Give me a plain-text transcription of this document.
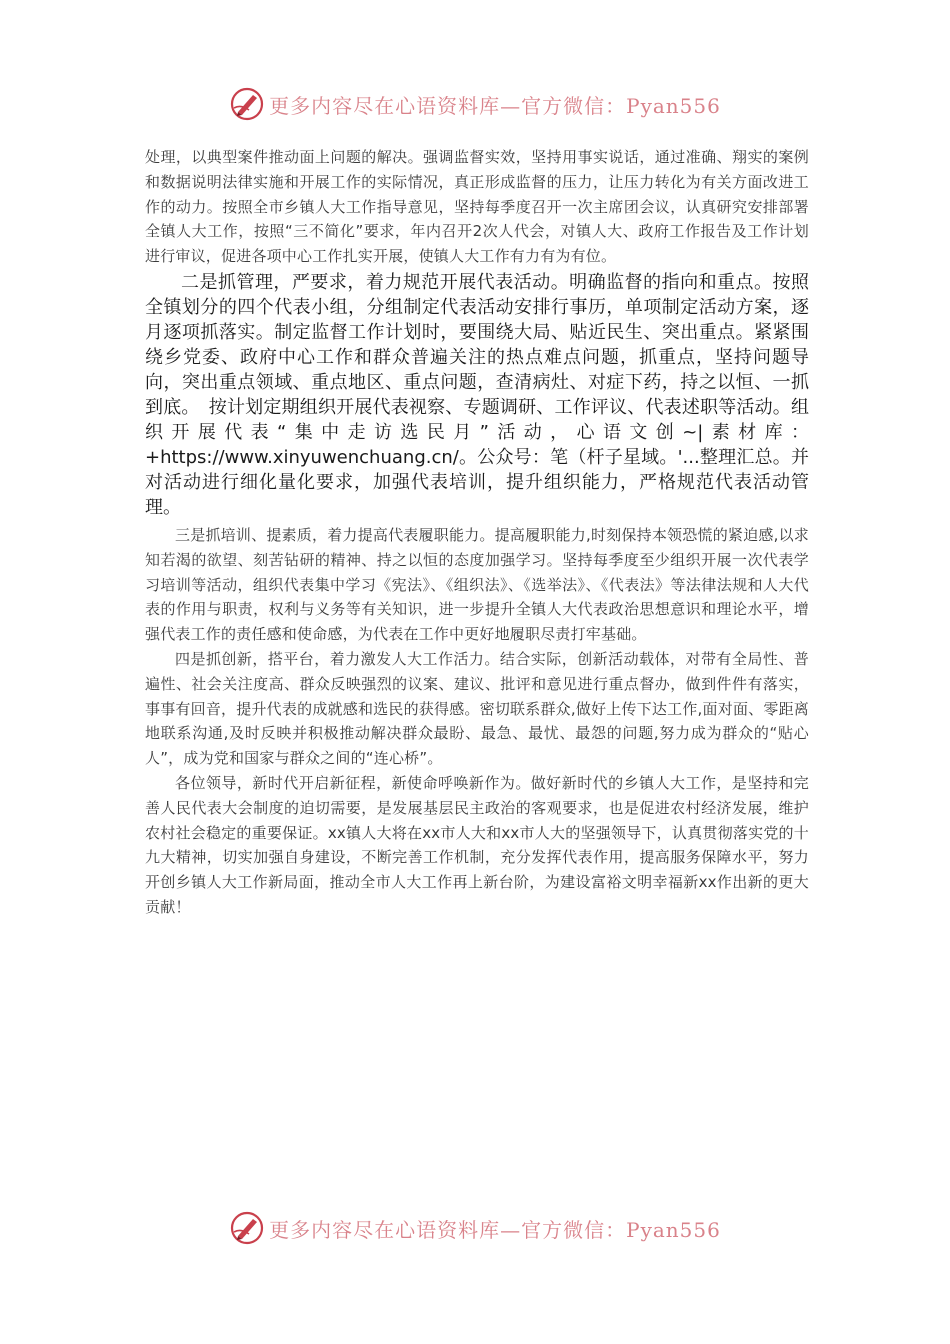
更多内容尽在心语资料库—官方微信：Pyan556

处理，以典型案件推动面上问题的解决。强调监督实效，坚持用事实说话，通过准确、翔实的案例和数据说明法律实施和开展工作的实际情况，真正形成监督的压力，让压力转化为有关方面改进工作的动力。按照全市乡镇人大工作指导意见，坚持每季度召开一次主席团会议，认真研究安排部署全镇人大工作，按照“三不简化”要求，年内召开2次人代会，对镇人大、政府工作报告及工作计划进行审议，促进各项中心工作扎实开展，使镇人大工作有力有为有位。

二是抓管理，严要求，着力规范开展代表活动。明确监督的指向和重点。按照全镇划分的四个代表小组，分组制定代表活动安排行事历，单项制定活动方案，逐月逐项抓落实。制定监督工作计划时，要围绕大局、贴近民生、突出重点。紧紧围绕乡党委、政府中心工作和群众普遍关注的热点难点问题，抓重点，坚持问题导向，突出重点领域、重点地区、重点问题，查清病灶、对症下药，持之以恒、一抓到底。　按计划定期组织开展代表视察、专题调研、工作评议、代表述职等活动。组织开展代表“集中走访选民月”活动，心语文创~|素材库：+https://www.xinyuwenchuang.cn/。公众号：笔（杆子星域。'...整理汇总。并对活动进行细化量化要求，加强代表培训，提升组织能力，严格规范代表活动管理。

三是抓培训、提素质，着力提高代表履职能力。提高履职能力,时刻保持本领恐慌的紧迫感,以求知若渴的欲望、刻苦钻研的精神、持之以恒的态度加强学习。坚持每季度至少组织开展一次代表学习培训等活动，组织代表集中学习《宪法》、《组织法》、《选举法》、《代表法》等法律法规和人大代表的作用与职责，权利与义务等有关知识，进一步提升全镇人大代表政治思想意识和理论水平，增强代表工作的责任感和使命感，为代表在工作中更好地履职尽责打牢基础。

四是抓创新，搭平台，着力激发人大工作活力。结合实际，创新活动载体，对带有全局性、普遍性、社会关注度高、群众反映强烈的议案、建议、批评和意见进行重点督办，做到件件有落实，事事有回音，提升代表的成就感和选民的获得感。密切联系群众,做好上传下达工作,面对面、零距离地联系沟通,及时反映并积极推动解决群众最盼、最急、最忧、最怨的问题,努力成为群众的“贴心人”，成为党和国家与群众之间的“连心桥”。

各位领导，新时代开启新征程，新使命呼唤新作为。做好新时代的乡镇人大工作，是坚持和完善人民代表大会制度的迫切需要，是发展基层民主政治的客观要求，也是促进农村经济发展，维护农村社会稳定的重要保证。xx镇人大将在xx市人大和xx市人大的坚强领导下，认真贯彻落实党的十九大精神，切实加强自身建设，不断完善工作机制，充分发挥代表作用，提高服务保障水平，努力开创乡镇人大工作新局面，推动全市人大工作再上新台阶，为建设富裕文明幸福新xx作出新的更大贡献！

更多内容尽在心语资料库—官方微信：Pyan556
